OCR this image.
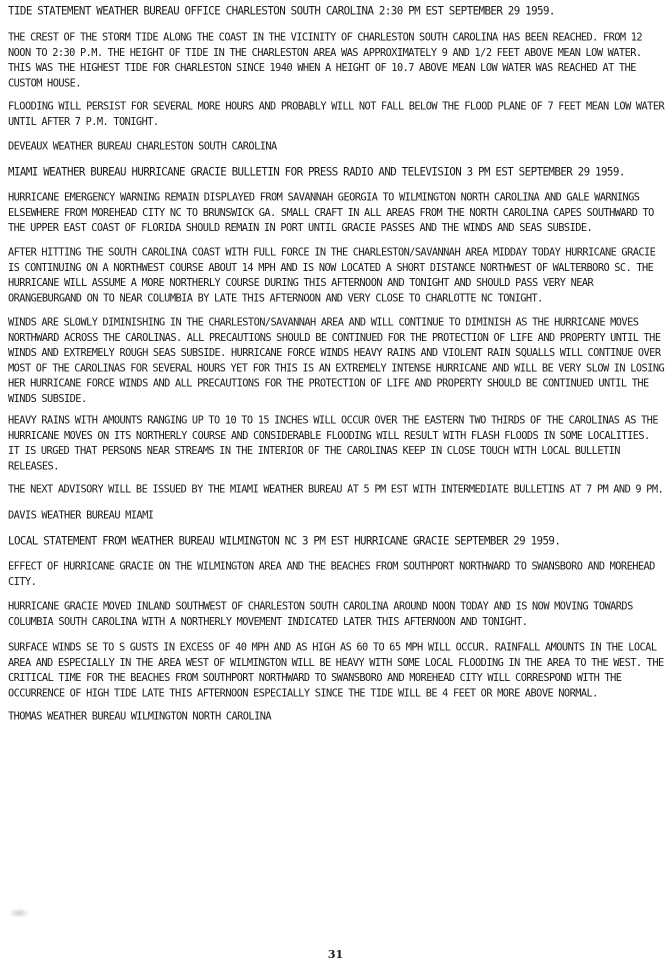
TIDE STATEMENT WEATHER BUREAU OFFICE CHARLESTON SOUTH CAROLINA 2:30 PM EST SEPTEMBER 29 1959.

THE CREST OF THE STORM TIDE ALONG THE COAST IN THE VICINITY OF CHARLESTON SOUTH CAROLINA HAS BEEN REACHED. FROM 12 NOON TO 2:30 P.M. THE HEIGHT OF TIDE IN THE CHARLESTON AREA WAS APPROXIMATELY 9 AND 1/2 FEET ABOVE MEAN LOW WATER. THIS WAS THE HIGHEST TIDE FOR CHARLESTON SINCE 1940 WHEN A HEIGHT OF 10.7 ABOVE MEAN LOW WATER WAS REACHED AT THE CUSTOM HOUSE.

FLOODING WILL PERSIST FOR SEVERAL MORE HOURS AND PROBABLY WILL NOT FALL BELOW THE FLOOD PLANE OF 7 FEET MEAN LOW WATER UNTIL AFTER 7 P.M. TONIGHT.

DEVEAUX WEATHER BUREAU CHARLESTON SOUTH CAROLINA

MIAMI WEATHER BUREAU HURRICANE GRACIE BULLETIN FOR PRESS RADIO AND TELEVISION 3 PM EST SEPTEMBER 29 1959.

HURRICANE EMERGENCY WARNING REMAIN DISPLAYED FROM SAVANNAH GEORGIA TO WILMINGTON NORTH CAROLINA AND GALE WARNINGS ELSEWHERE FROM MOREHEAD CITY NC TO BRUNSWICK GA. SMALL CRAFT IN ALL AREAS FROM THE NORTH CAROLINA CAPES SOUTHWARD TO THE UPPER EAST COAST OF FLORIDA SHOULD REMAIN IN PORT UNTIL GRACIE PASSES AND THE WINDS AND SEAS SUBSIDE.

AFTER HITTING THE SOUTH CAROLINA COAST WITH FULL FORCE IN THE CHARLESTON/SAVANNAH AREA MIDDAY TODAY HURRICANE GRACIE IS CONTINUING ON A NORTHWEST COURSE ABOUT 14 MPH AND IS NOW LOCATED A SHORT DISTANCE NORTHWEST OF WALTERBORO SC. THE HURRICANE WILL ASSUME A MORE NORTHERLY COURSE DURING THIS AFTERNOON AND TONIGHT AND SHOULD PASS VERY NEAR ORANGEBURGAND ON TO NEAR COLUMBIA BY LATE THIS AFTERNOON AND VERY CLOSE TO CHARLOTTE NC TONIGHT.

WINDS ARE SLOWLY DIMINISHING IN THE CHARLESTON/SAVANNAH AREA AND WILL CONTINUE TO DIMINISH AS THE HURRICANE MOVES NORTHWARD ACROSS THE CAROLINAS. ALL PRECAUTIONS SHOULD BE CONTINUED FOR THE PROTECTION OF LIFE AND PROPERTY UNTIL THE WINDS AND EXTREMELY ROUGH SEAS SUBSIDE. HURRICANE FORCE WINDS HEAVY RAINS AND VIOLENT RAIN SQUALLS WILL CONTINUE OVER MOST OF THE CAROLINAS FOR SEVERAL HOURS YET FOR THIS IS AN EXTREMELY INTENSE HURRICANE AND WILL BE VERY SLOW IN LOSING HER HURRICANE FORCE WINDS AND ALL PRECAUTIONS FOR THE PROTECTION OF LIFE AND PROPERTY SHOULD BE CONTINUED UNTIL THE WINDS SUBSIDE.

HEAVY RAINS WITH AMOUNTS RANGING UP TO 10 TO 15 INCHES WILL OCCUR OVER THE EASTERN TWO THIRDS OF THE CAROLINAS AS THE HURRICANE MOVES ON ITS NORTHERLY COURSE AND CONSIDERABLE FLOODING WILL RESULT WITH FLASH FLOODS IN SOME LOCALITIES. IT IS URGED THAT PERSONS NEAR STREAMS IN THE INTERIOR OF THE CAROLINAS KEEP IN CLOSE TOUCH WITH LOCAL BULLETIN RELEASES.

THE NEXT ADVISORY WILL BE ISSUED BY THE MIAMI WEATHER BUREAU AT 5 PM EST WITH INTERMEDIATE BULLETINS AT 7 PM AND 9 PM.

DAVIS WEATHER BUREAU MIAMI

LOCAL STATEMENT FROM WEATHER BUREAU WILMINGTON NC 3 PM EST HURRICANE GRACIE SEPTEMBER 29 1959.

EFFECT OF HURRICANE GRACIE ON THE WILMINGTON AREA AND THE BEACHES FROM SOUTHPORT NORTHWARD TO SWANSBORO AND MOREHEAD CITY.

HURRICANE GRACIE MOVED INLAND SOUTHWEST OF CHARLESTON SOUTH CAROLINA AROUND NOON TODAY AND IS NOW MOVING TOWARDS COLUMBIA SOUTH CAROLINA WITH A NORTHERLY MOVEMENT INDICATED LATER THIS AFTERNOON AND TONIGHT.

SURFACE WINDS SE TO S GUSTS IN EXCESS OF 40 MPH AND AS HIGH AS 60 TO 65 MPH WILL OCCUR. RAINFALL AMOUNTS IN THE LOCAL AREA AND ESPECIALLY IN THE AREA WEST OF WILMINGTON WILL BE HEAVY WITH SOME LOCAL FLOODING IN THE AREA TO THE WEST. THE CRITICAL TIME FOR THE BEACHES FROM SOUTHPORT NORTHWARD TO SWANSBORO AND MOREHEAD CITY WILL CORRESPOND WITH THE OCCURRENCE OF HIGH TIDE LATE THIS AFTERNOON ESPECIALLY SINCE THE TIDE WILL BE 4 FEET OR MORE ABOVE NORMAL.

THOMAS WEATHER BUREAU WILMINGTON NORTH CAROLINA

31
